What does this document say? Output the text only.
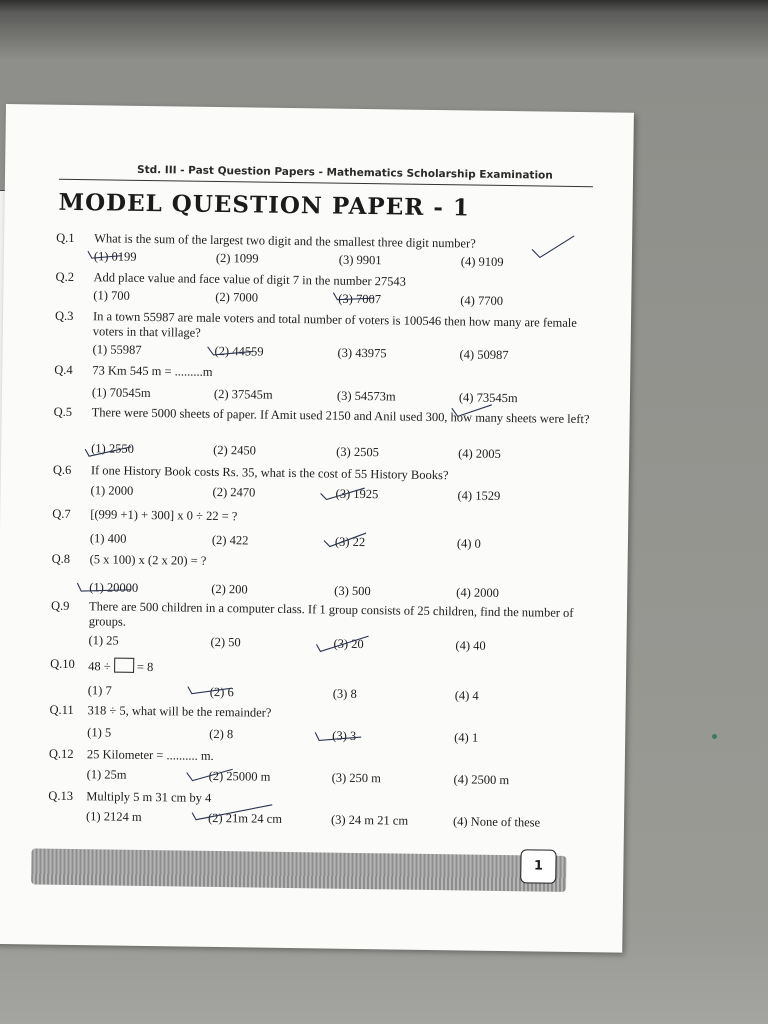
Std. III - Past Question Papers - Mathematics Scholarship Examination
MODEL QUESTION PAPER - 1
Q.1 What is the sum of the largest two digit and the smallest three digit number?
(1) 0199	(2) 1099	(3) 9901	(4) 9109
Q.2 Add place value and face value of digit 7 in the number 27543
(1) 700	(2) 7000	(3) 7007	(4) 7700
Q.3 In a town 55987 are male voters and total number of voters is 100546 then how many are female voters in that village?
(1) 55987	(2) 44559	(3) 43975	(4) 50987
Q.4 73 Km 545 m = .........m
(1) 70545m	(2) 37545m	(3) 54573m	(4) 73545m
Q.5 There were 5000 sheets of paper. If Amit used 2150 and Anil used 300, how many sheets were left?
(1) 2550	(2) 2450	(3) 2505	(4) 2005
Q.6 If one History Book costs Rs. 35, what is the cost of 55 History Books?
(1) 2000	(2) 2470	(3) 1925	(4) 1529
Q.7 [(999 +1) + 300] x 0 ÷ 22 = ?
(1) 400	(2) 422	(3) 22	(4) 0
Q.8 (5 x 100) x (2 x 20) = ?
(1) 20000	(2) 200	(3) 500	(4) 2000
Q.9 There are 500 children in a computer class. If 1 group consists of 25 children, find the number of groups.
(1) 25	(2) 50	(3) 20	(4) 40
Q.10 48 ÷ = 8
(1) 7	(2) 6	(3) 8	(4) 4
Q.11 318 ÷ 5, what will be the remainder?
(1) 5	(2) 8	(3) 3	(4) 1
Q.12 25 Kilometer = .......... m.
(1) 25m	(2) 25000 m	(3) 250 m	(4) 2500 m
Q.13 Multiply 5 m 31 cm by 4
(1) 2124 m	(2) 21m 24 cm	(3) 24 m 21 cm	(4) None of these
1
